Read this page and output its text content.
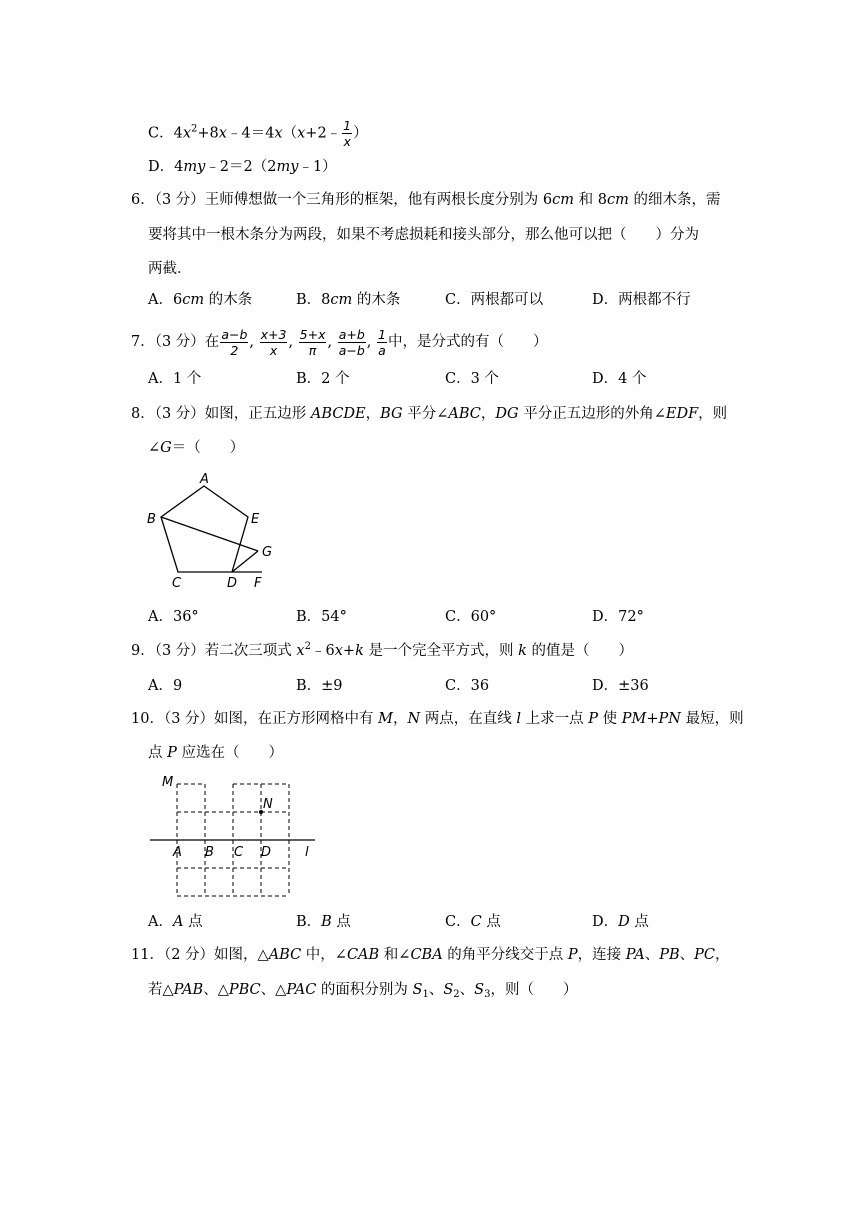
C．$4x^2+8x﹣4=4x(x+2﹣ \frac{1}{x}$ ）
D．4my﹣2＝2（2my﹣1）
6．（3 分）王师傅想做一个三角形的框架，他有两根长度分别为 6cm 和 8cm 的细木条，需
要将其中一根木条分为两段，如果不考虑损耗和接头部分，那么他可以把（　　）分为
两截．
A．6cm 的木条	B．8cm 的木条	C．两根都可以	D．两根都不行
7．（3 分）在 $\frac{a-b}{2}$ , $\frac{x+3}{x}$ , $\frac{5+x}{\pi}$ , $\frac{a+b}{a-b}$ , $\frac{1}{a}$ 中，是分式的有（　　）
A．1 个	B．2 个	C．3 个	D．4 个
8．（3 分）如图，正五边形 ABCDE，BG 平分∠ABC，DG 平分正五边形的外角∠EDF，则
∠G＝（　　）
A
B
C	D
E
F
G
A．36°	B．54°	C．60°	D．72°
9．（3 分）若二次三项式 $x^2﹣6x+k$ 是一个完全平方式，则 k 的值是（　　）
A．9	B．±9	C．36	D．±36
10．（3 分）如图，在正方形网格中有 M，N 两点，在直线 l 上求一点 P 使 PM+PN 最短，则
点 P 应选在（　　）
M
N
A B C D	l
A．A 点	B．B 点	C．C 点	D．D 点
11．（2 分）如图，△ABC 中，∠CAB 和∠CBA 的角平分线交于点 P，连接 PA、PB、PC，
若△PAB、△PBC、△PAC 的面积分别为 $S_1$、$S_2$、$S_3$，则（　　）
